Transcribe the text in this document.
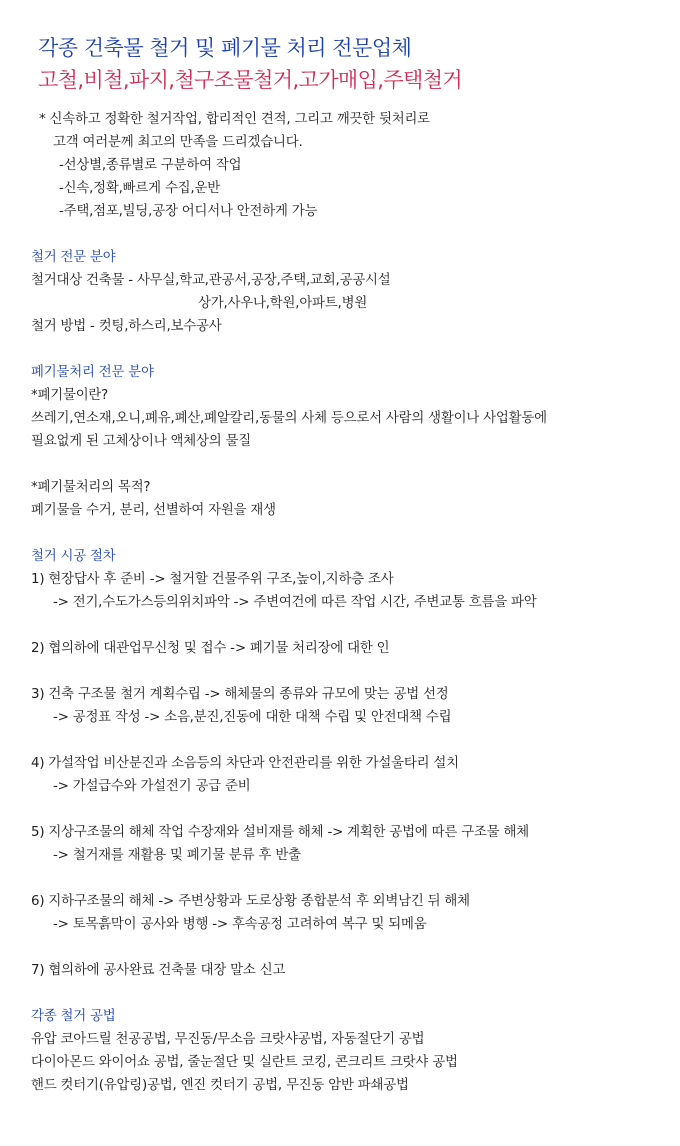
각종 건축물 철거 및 폐기물 처리 전문업체
고철,비철,파지,철구조물철거,고가매입,주택철거
* 신속하고 정확한 철거작업, 합리적인 견적, 그리고 깨끗한 뒷처리로
고객 여러분께 최고의 만족을 드리겠습니다.
-선상별,종류별로 구분하여 작업
-신속,정확,빠르게 수집,운반
-주택,점포,빌딩,공장 어디서나 안전하게 가능
철거 전문 분야
철거대상 건축물 - 사무실,학교,관공서,공장,주택,교회,공공시설
상가,사우나,학원,아파트,병원
철거 방법 - 컷팅,하스리,보수공사
폐기물처리 전문 분야
*폐기물이란?
쓰레기,연소재,오니,폐유,폐산,폐알칼리,동물의 사체 등으로서 사람의 생활이나 사업활동에
필요없게 된 고체상이나 액체상의 물질
*폐기물처리의 목적?
폐기물을 수거, 분리, 선별하여 자원을 재생
철거 시공 절차
1) 현장답사 후 준비 -> 철거할 건물주위 구조,높이,지하층 조사
-> 전기,수도가스등의위치파악 -> 주변여건에 따른 작업 시간, 주변교통 흐름을 파악
2) 협의하에 대관업무신청 및 접수 -> 폐기물 처리장에 대한 인
3) 건축 구조물 철거 계획수립 -> 해체물의 종류와 규모에 맞는 공법 선정
-> 공정표 작성 -> 소음,분진,진동에 대한 대책 수립 및 안전대책 수립
4) 가설작업 비산분진과 소음등의 차단과 안전관리를 위한 가설울타리 설치
-> 가설급수와 가설전기 공급 준비
5) 지상구조물의 해체 작업 수장재와 설비재를 해체 -> 계획한 공법에 따른 구조물 해체
-> 철거재를 재활용 및 폐기물 분류 후 반출
6) 지하구조물의 해체 -> 주변상황과 도로상황 종합분석 후 외벽남긴 뒤 해체
-> 토목흙막이 공사와 병행 -> 후속공정 고려하여 복구 및 되메움
7) 협의하에 공사완료 건축물 대장 말소 신고
각종 철거 공법
유압 코아드릴 천공공법, 무진동/무소음 크랏샤공법, 자동절단기 공법
다이아몬드 와이어쇼 공법, 줄눈절단 및 실란트 코킹, 콘크리트 크랏샤 공법
핸드 컷터기(유압링)공법, 엔진 컷터기 공법, 무진동 암반 파쇄공법
